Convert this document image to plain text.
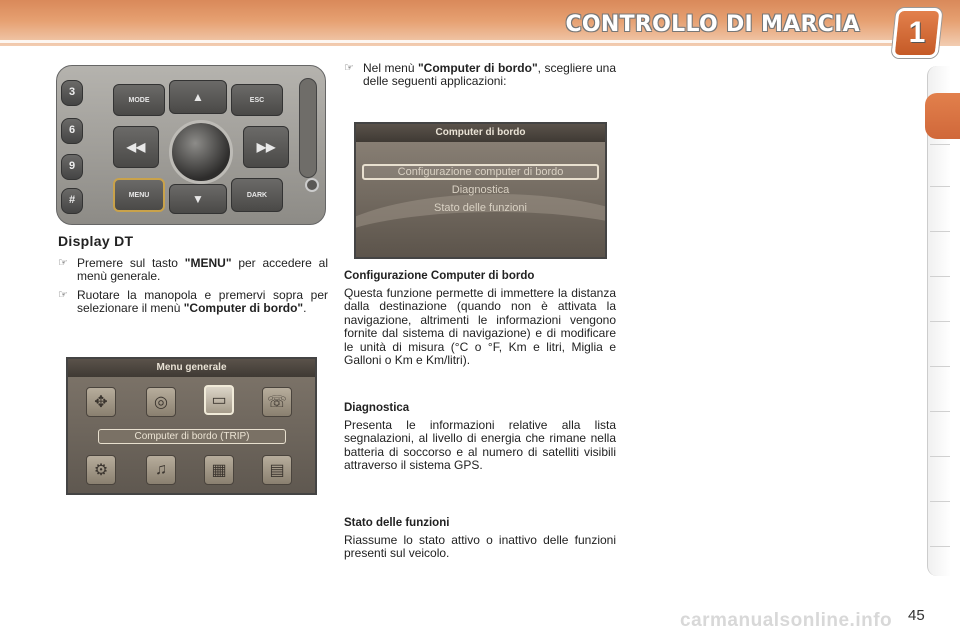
CONTROLLO DI MARCIA	1
3
6
9
#
MODE	▲	ESC
◀◀	▶▶
MENU	▼	DARK
Display DT
☞ Premere sul tasto "MENU" per accedere al menù generale.
☞ Ruotare la manopola e premervi sopra per selezionare il menù "Computer di bordo".
Menu generale
✥	◎	▭	☏
Computer di bordo (TRIP)
⚙	♫	▦	▤
☞ Nel menù "Computer di bordo", scegliere una delle seguenti applicazioni:
Computer di bordo
Configurazione computer di bordo
Diagnostica
Stato delle funzioni
Configurazione Computer di bordo

Questa funzione permette di immettere la distanza dalla destinazione (quando non è attivata la navigazione, altrimenti le informazioni vengono fornite dal sistema di navigazione) e di modificare le unità di misura (°C o °F, Km e litri, Miglia e Galloni o Km e Km/litri).

Diagnostica

Presenta le informazioni relative alla lista segnalazioni, al livello di energia che rimane nella batteria di soccorso e al numero di satelliti visibili attraverso il sistema GPS.

Stato delle funzioni

Riassume lo stato attivo o inattivo delle funzioni presenti sul veicolo.

carmanualsonline.info 45
